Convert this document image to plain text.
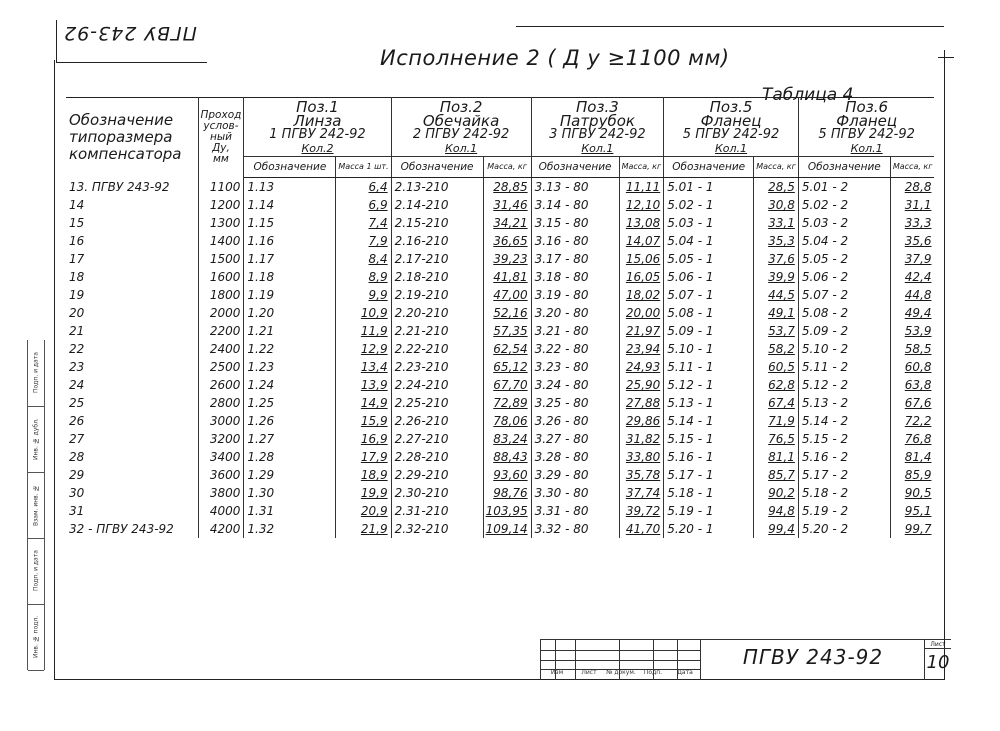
ПГВУ 243-92
Исполнение 2 ( Д у ≥1100 мм)
Таблица 4
Подп. и дата
Инв. № дубл.
Взам. инв. №
Подп. и дата
Инв. № подл.
Обозначение
типоразмера
компенсатора	Проход
услов-
ный
Ду,
мм	Поз.1
Линза
1 ПГВУ 242-92
Кол.2		Поз.2
Обечайка
2 ПГВУ 242-92
Кол.1		Поз.3
Патрубок
3 ПГВУ 242-92
Кол.1		Поз.5
Фланец
5 ПГВУ 242-92
Кол.1		Поз.6
Фланец
5 ПГВУ 242-92
Кол.1	

		Обозначение	Масса 1 шт.	Обозначение	Масса, кг	Обозначение	Масса, кг	Обозначение	Масса, кг	Обозначение	Масса, кг
13. ПГВУ 243-92	1100	1.13	6,4	2.13-210	28,85	3.13 - 80	11,11	5.01 - 1	28,5	5.01 - 2	28,8
14	1200	1.14	6,9	2.14-210	31,46	3.14 - 80	12,10	5.02 - 1	30,8	5.02 - 2	31,1
15	1300	1.15	7,4	2.15-210	34,21	3.15 - 80	13,08	5.03 - 1	33,1	5.03 - 2	33,3
16	1400	1.16	7,9	2.16-210	36,65	3.16 - 80	14,07	5.04 - 1	35,3	5.04 - 2	35,6
17	1500	1.17	8,4	2.17-210	39,23	3.17 - 80	15,06	5.05 - 1	37,6	5.05 - 2	37,9
18	1600	1.18	8,9	2.18-210	41,81	3.18 - 80	16,05	5.06 - 1	39,9	5.06 - 2	42,4
19	1800	1.19	9,9	2.19-210	47,00	3.19 - 80	18,02	5.07 - 1	44,5	5.07 - 2	44,8
20	2000	1.20	10,9	2.20-210	52,16	3.20 - 80	20,00	5.08 - 1	49,1	5.08 - 2	49,4
21	2200	1.21	11,9	2.21-210	57,35	3.21 - 80	21,97	5.09 - 1	53,7	5.09 - 2	53,9
22	2400	1.22	12,9	2.22-210	62,54	3.22 - 80	23,94	5.10 - 1	58,2	5.10 - 2	58,5
23	2500	1.23	13,4	2.23-210	65,12	3.23 - 80	24,93	5.11 - 1	60,5	5.11 - 2	60,8
24	2600	1.24	13,9	2.24-210	67,70	3.24 - 80	25,90	5.12 - 1	62,8	5.12 - 2	63,8
25	2800	1.25	14,9	2.25-210	72,89	3.25 - 80	27,88	5.13 - 1	67,4	5.13 - 2	67,6
26	3000	1.26	15,9	2.26-210	78,06	3.26 - 80	29,86	5.14 - 1	71,9	5.14 - 2	72,2
27	3200	1.27	16,9	2.27-210	83,24	3.27 - 80	31,82	5.15 - 1	76,5	5.15 - 2	76,8
28	3400	1.28	17,9	2.28-210	88,43	3.28 - 80	33,80	5.16 - 1	81,1	5.16 - 2	81,4
29	3600	1.29	18,9	2.29-210	93,60	3.29 - 80	35,78	5.17 - 1	85,7	5.17 - 2	85,9
30	3800	1.30	19,9	2.30-210	98,76	3.30 - 80	37,74	5.18 - 1	90,2	5.18 - 2	90,5
31	4000	1.31	20,9	2.31-210	103,95	3.31 - 80	39,72	5.19 - 1	94,8	5.19 - 2	95,1
32 - ПГВУ 243-92	4200	1.32	21,9	2.32-210	109,14	3.32 - 80	41,70	5.20 - 1	99,4	5.20 - 2	99,7
Изм	Лист	№ докум.	Подп.	Дата
ПГВУ 243-92
Лист
10
